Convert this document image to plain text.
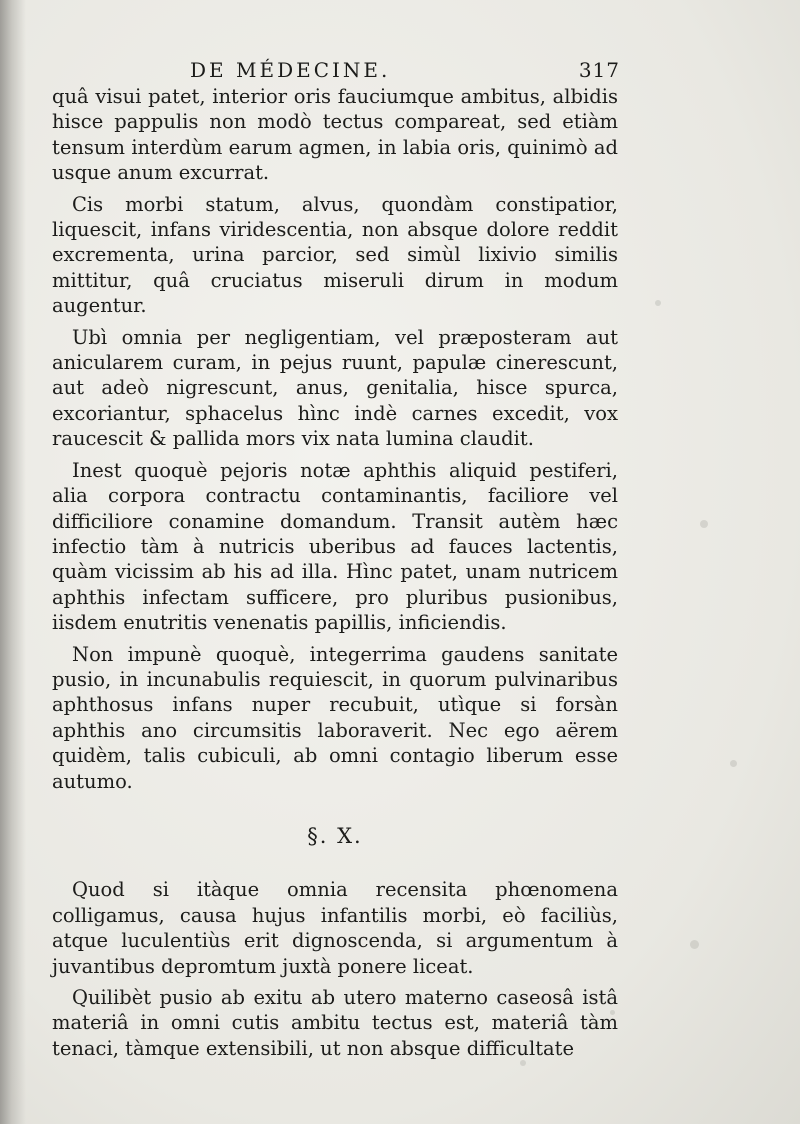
DE MÉDECINE.	317

quâ visui patet, interior oris fauciumque ambitus, albidis hisce pappulis non modò tectus compareat, sed etiàm tensum interdùm earum agmen, in labia oris, quinimò ad usque anum excurrat.

Cis morbi statum, alvus, quondàm constipatior, liquescit, infans viridescentia, non absque dolore reddit excrementa, urina parcior, sed simùl lixivio similis mittitur, quâ cruciatus miseruli dirum in modum augentur.

Ubì omnia per negligentiam, vel præposteram aut anicularem curam, in pejus ruunt, papulæ cinerescunt, aut adeò nigrescunt, anus, genitalia, hisce spurca, excoriantur, sphacelus hìnc indè carnes excedit, vox raucescit & pallida mors vix nata lumina claudit.

Inest quoquè pejoris notæ aphthis aliquid pestiferi, alia corpora contractu contaminantis, faciliore vel difficiliore conamine domandum. Transit autèm hæc infectio tàm à nutricis uberibus ad fauces lactentis, quàm vicissim ab his ad illa. Hìnc patet, unam nutricem aphthis infectam sufficere, pro pluribus pusionibus, iisdem enutritis venenatis papillis, inficiendis.

Non impunè quoquè, integerrima gaudens sanitate pusio, in incunabulis requiescit, in quorum pulvinaribus aphthosus infans nuper recubuit, utìque si forsàn aphthis ano circumsitis laboraverit. Nec ego aërem quidèm, talis cubiculi, ab omni contagio liberum esse autumo.

§. X.

Quod si itàque omnia recensita phœnomena colligamus, causa hujus infantilis morbi, eò faciliùs, atque luculentiùs erit dignoscenda, si argumentum à juvantibus depromtum juxtà ponere liceat.

Quilibèt pusio ab exitu ab utero materno caseosâ istâ materiâ in omni cutis ambitu tectus est, materiâ tàm tenaci, tàmque extensibili, ut non absque difficultate
